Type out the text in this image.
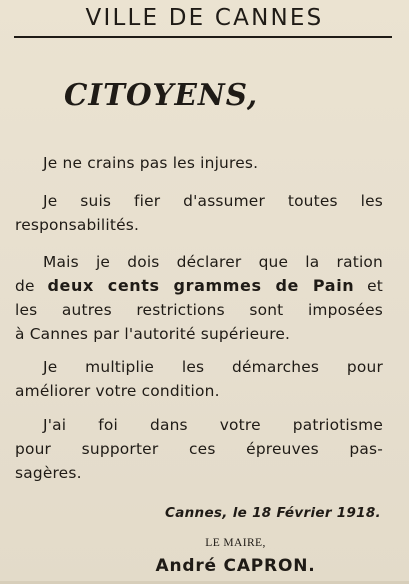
VILLE DE CANNES
CITOYENS,
Je ne crains pas les injures.
Je suis fier d'assumer toutes les
responsabilités.
Mais je dois déclarer que la ration
de deux cents grammes de Pain et
les autres restrictions sont imposées
à Cannes par l'autorité supérieure.
Je multiplie les démarches pour
améliorer votre condition.
J'ai foi dans votre patriotisme
pour supporter ces épreuves pas-
sagères.
Cannes, le 18 Février 1918.
LE MAIRE,
André CAPRON.
